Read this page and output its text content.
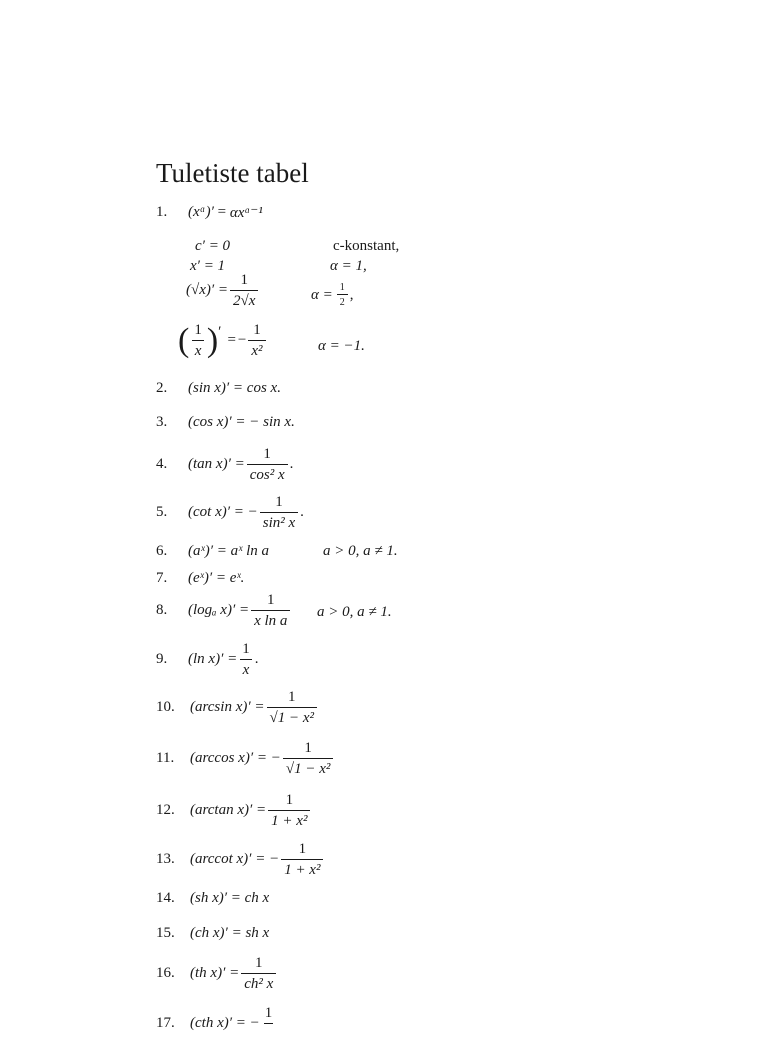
Tuletiste tabel
1.	(xᵅ)′ = αxᵅ⁻¹
c′ = 0	c-konstant,
x′ = 1	α = 1,
$(√x)' = \frac{1}{2√x}$	$\alpha = \frac{1}{2}$ ,
( $\frac{1}{x}$ ) ′ = − $\frac{1}{\text{x²}}$	α = −1.
2.	(sin x)′ = cos x.
3.	(cos x)′ = − sin x.
4.	(tan $x)' = \frac{1}{\text{cos² x}}$ .
5.	(cot x)′ = − $\frac{1}{\text{sin² x}}$ .
6.	(aˣ)′ = aˣ ln a	a > 0, a ≠ 1.
7.	(eˣ)′ = eˣ.
8.	(logₐ $x)' = \frac{1}{\text{x ln a}}$ a > 0, a ≠ 1.
9.	(ln $x)' = \frac{1}{x}$ .
10.	(arcsin $x)' = \frac{1}{\text{√1 − x²}}$
11.	(arccos x)′ = − $\frac{1}{\text{√1 − x²}}$
12.	(arctan $x)' = \frac{1}{\text{1 + x²}}$
13.	(arccot x)′ = − $\frac{1}{\text{1 + x²}}$
14.	(sh x)′ = ch x
15.	(ch x)′ = sh x
16.	(th $x)' = \frac{1}{\text{ch² x}}$
17.	(cth x)′ = −
1
